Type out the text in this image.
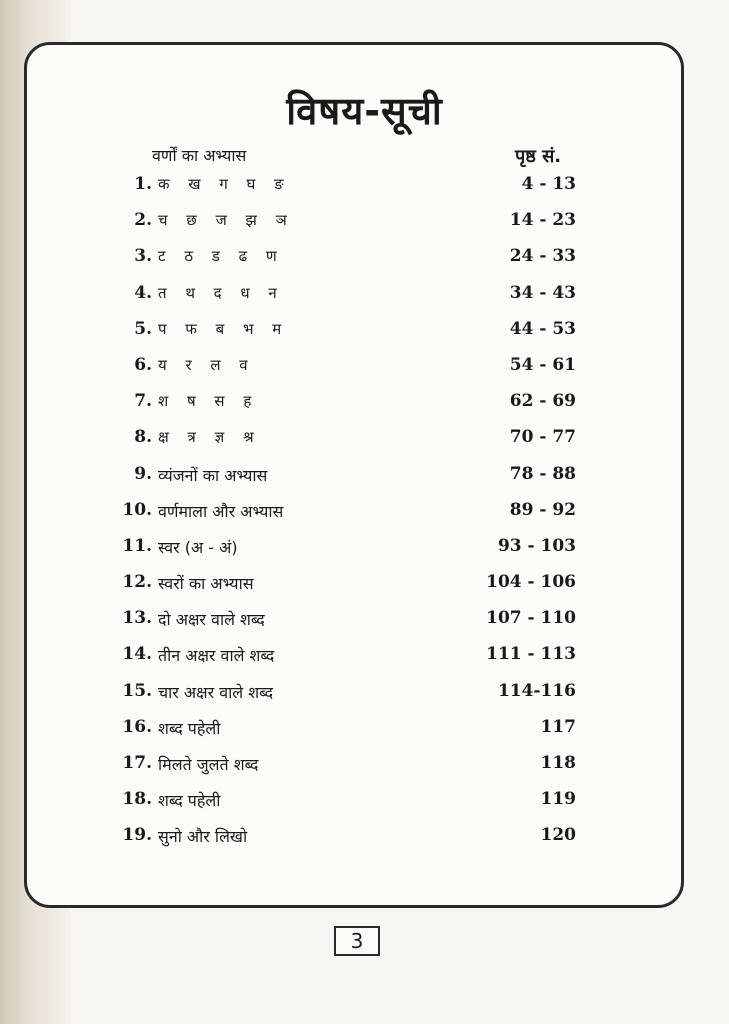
विषय-सूची
वर्णों का अभ्यास	पृष्ठ सं.
1. क ख ग घ ङ	4 - 13
2. च छ ज झ ञ	14 - 23
3. ट ठ ड ढ ण	24 - 33
4. त थ द ध न	34 - 43
5. प फ ब भ म	44 - 53
6. य र ल व	54 - 61
7. श ष स ह	62 - 69
8. क्ष त्र ज्ञ श्र	70 - 77
9. व्यंजनों का अभ्यास	78 - 88
10. वर्णमाला और अभ्यास	89 - 92
11. स्वर (अ - अं)	93 - 103
12. स्वरों का अभ्यास	104 - 106
13. दो अक्षर वाले शब्द	107 - 110
14. तीन अक्षर वाले शब्द	111 - 113
15. चार अक्षर वाले शब्द	114-116
16. शब्द पहेली	117
17. मिलते जुलते शब्द	118
18. शब्द पहेली	119
19. सुनो और लिखो	120
3
